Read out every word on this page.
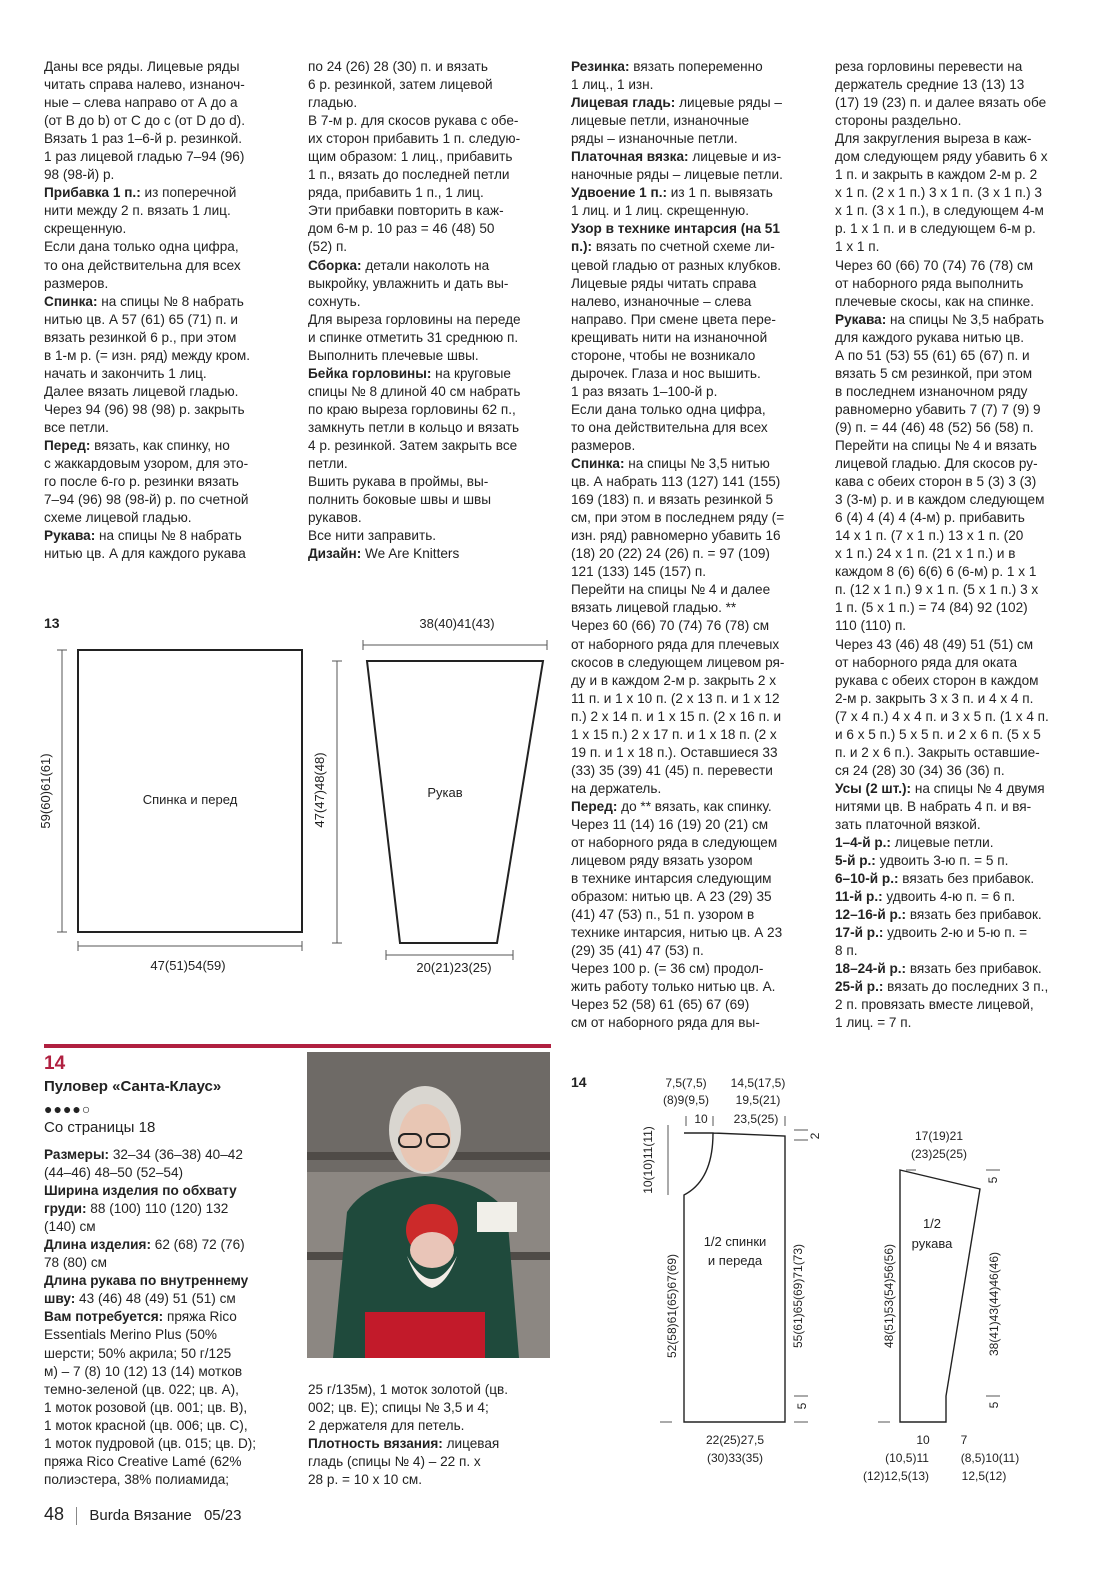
Даны все ряды. Лицевые ряды
читать справа налево, изнаноч-
ные – слева направо от А до а
(от В до b) от С до с (от D до d).
Вязать 1 раз 1–6-й р. резинкой.
1 раз лицевой гладью 7–94 (96)
98 (98-й) р.
Прибавка 1 п.: из поперечной
нити между 2 п. вязать 1 лиц.
скрещенную.
Если дана только одна цифра,
то она действительна для всех
размеров.
Спинка: на спицы № 8 набрать
нитью цв. А 57 (61) 65 (71) п. и
вязать резинкой 6 р., при этом
в 1-м р. (= изн. ряд) между кром.
начать и закончить 1 лиц.
Далее вязать лицевой гладью.
Через 94 (96) 98 (98) р. закрыть
все петли.
Перед: вязать, как спинку, но
с жаккардовым узором, для это-
го после 6-го р. резинки вязать
7–94 (96) 98 (98-й) р. по счетной
схеме лицевой гладью.
Рукава: на спицы № 8 набрать
нитью цв. А для каждого рукава
по 24 (26) 28 (30) п. и вязать
6 р. резинкой, затем лицевой
гладью.
В 7-м р. для скосов рукава с обе-
их сторон прибавить 1 п. следую-
щим образом: 1 лиц., прибавить
1 п., вязать до последней петли
ряда, прибавить 1 п., 1 лиц.
Эти прибавки повторить в каж-
дом 6-м р. 10 раз = 46 (48) 50
(52) п.
Сборка: детали наколоть на
выкройку, увлажнить и дать вы-
сохнуть.
Для выреза горловины на переде
и спинке отметить 31 среднюю п.
Выполнить плечевые швы.
Бейка горловины: на круговые
спицы № 8 длиной 40 см набрать
по краю выреза горловины 62 п.,
замкнуть петли в кольцо и вязать
4 р. резинкой. Затем закрыть все
петли.
Вшить рукава в проймы, вы-
полнить боковые швы и швы
рукавов.
Все нити заправить.
Дизайн: We Are Knitters
Резинка: вязать попеременно
1 лиц., 1 изн.
Лицевая гладь: лицевые ряды –
лицевые петли, изнаночные
ряды – изнаночные петли.
Платочная вязка: лицевые и из-
наночные ряды – лицевые петли.
Удвоение 1 п.: из 1 п. вывязать
1 лиц. и 1 лиц. скрещенную.
Узор в технике интарсия (на 51
п.): вязать по счетной схеме ли-
цевой гладью от разных клубков.
Лицевые ряды читать справа
налево, изнаночные – слева
направо. При смене цвета пере-
крещивать нити на изнаночной
стороне, чтобы не возникало
дырочек. Глаза и нос вышить.
1 раз вязать 1–100-й р.
Если дана только одна цифра,
то она действительна для всех
размеров.
Спинка: на спицы № 3,5 нитью
цв. А набрать 113 (127) 141 (155)
169 (183) п. и вязать резинкой 5
см, при этом в последнем ряду (=
изн. ряд) равномерно убавить 16
(18) 20 (22) 24 (26) п. = 97 (109)
121 (133) 145 (157) п.
Перейти на спицы № 4 и далее
вязать лицевой гладью. **
Через 60 (66) 70 (74) 76 (78) см
от наборного ряда для плечевых
скосов в следующем лицевом ря-
ду и в каждом 2-м р. закрыть 2 х
11 п. и 1 х 10 п. (2 х 13 п. и 1 х 12
п.) 2 х 14 п. и 1 х 15 п. (2 х 16 п. и
1 х 15 п.) 2 х 17 п. и 1 х 18 п. (2 х
19 п. и 1 х 18 п.). Оставшиеся 33
(33) 35 (39) 41 (45) п. перевести
на держатель.
Перед: до ** вязать, как спинку.
Через 11 (14) 16 (19) 20 (21) см
от наборного ряда в следующем
лицевом ряду вязать узором
в технике интарсия следующим
образом: нитью цв. А 23 (29) 35
(41) 47 (53) п., 51 п. узором в
технике интарсия, нитью цв. А 23
(29) 35 (41) 47 (53) п.
Через 100 р. (= 36 см) продол-
жить работу только нитью цв. А.
Через 52 (58) 61 (65) 67 (69)
см от наборного ряда для вы-
реза горловины перевести на
держатель средние 13 (13) 13
(17) 19 (23) п. и далее вязать обе
стороны раздельно.
Для закругления выреза в каж-
дом следующем ряду убавить 6 х
1 п. и закрыть в каждом 2-м р. 2
х 1 п. (2 х 1 п.) 3 х 1 п. (3 х 1 п.) 3
х 1 п. (3 х 1 п.), в следующем 4-м
р. 1 х 1 п. и в следующем 6-м р.
1 х 1 п.
Через 60 (66) 70 (74) 76 (78) см
от наборного ряда выполнить
плечевые скосы, как на спинке.
Рукава: на спицы № 3,5 набрать
для каждого рукава нитью цв.
А по 51 (53) 55 (61) 65 (67) п. и
вязать 5 см резинкой, при этом
в последнем изнаночном ряду
равномерно убавить 7 (7) 7 (9) 9
(9) п. = 44 (46) 48 (52) 56 (58) п.
Перейти на спицы № 4 и вязать
лицевой гладью. Для скосов ру-
кава с обеих сторон в 5 (3) 3 (3)
3 (3-м) р. и в каждом следующем
6 (4) 4 (4) 4 (4-м) р. прибавить
14 х 1 п. (7 х 1 п.) 13 х 1 п. (20
х 1 п.) 24 х 1 п. (21 х 1 п.) и в
каждом 8 (6) 6(6) 6 (6-м) р. 1 х 1
п. (12 х 1 п.) 9 х 1 п. (5 х 1 п.) 3 х
1 п. (5 х 1 п.) = 74 (84) 92 (102)
110 (110) п.
Через 43 (46) 48 (49) 51 (51) см
от наборного ряда для оката
рукава с обеих сторон в каждом
2-м р. закрыть 3 х 3 п. и 4 х 4 п.
(7 х 4 п.) 4 х 4 п. и 3 х 5 п. (1 х 4 п.
и 6 х 5 п.) 5 х 5 п. и 2 х 6 п. (5 х 5
п. и 2 х 6 п.). Закрыть оставшие-
ся 24 (28) 30 (34) 36 (36) п.
Усы (2 шт.): на спицы № 4 двумя
нитями цв. В набрать 4 п. и вя-
зать платочной вязкой.
1–4-й р.: лицевые петли.
5-й р.: удвоить 3-ю п. = 5 п.
6–10-й р.: вязать без прибавок.
11-й р.: удвоить 4-ю п. = 6 п.
12–16-й р.: вязать без прибавок.
17-й р.: удвоить 2-ю и 5-ю п. =
8 п.
18–24-й р.: вязать без прибавок.
25-й р.: вязать до последних 3 п.,
2 п. провязать вместе лицевой,
1 лиц. = 7 п.
25 г/135м), 1 моток золотой (цв.
002; цв. Е); спицы № 3,5 и 4;
2 держателя для петель.
Плотность вязания: лицевая
гладь (спицы № 4) – 22 п. х
28 р. = 10 х 10 см.
Размеры: 32–34 (36–38) 40–42
(44–46) 48–50 (52–54)
Ширина изделия по обхвату
груди: 88 (100) 110 (120) 132
(140) см
Длина изделия: 62 (68) 72 (76)
78 (80) см
Длина рукава по внутреннему
шву: 43 (46) 48 (49) 51 (51) см
Вам потребуется: пряжа Rico
Essentials Merino Plus (50%
шерсти; 50% акрила; 50 г/125
м) – 7 (8) 10 (12) 13 (14) мотков
темно-зеленой (цв. 022; цв. А),
1 моток розовой (цв. 001; цв. В),
1 моток красной (цв. 006; цв. С),
1 моток пудровой (цв. 015; цв. D);
пряжа Rico Creative Lamé (62%
полиэстера, 38% полиамида;
13
Спинка и перед
59(60)61(61)
47(51)54(59)
Рукав
38(40)41(43)
47(47)48(48)
20(21)23(25)
14
Пуловер «Санта-Клаус»
●●●●○
Со страницы 18
14
1/2 спинки
и переда
7,5(7,5)
(8)9(9,5)
10
14,5(17,5)
19,5(21)
23,5(25)
10(10)11(11)	2
52(58)61(65)67(69)	55(61)65(69)71(73)
5
22(25)27,5
(30)33(35)
1/2
рукава
17(19)21
(23)25(25)
5
48(51)53(54)56(56)	38(41)43(44)46(46)
5
10
(10,5)11
(12)12,5(13)
7
(8,5)10(11)
12,5(12)
48 Burda Вязание 05/23
